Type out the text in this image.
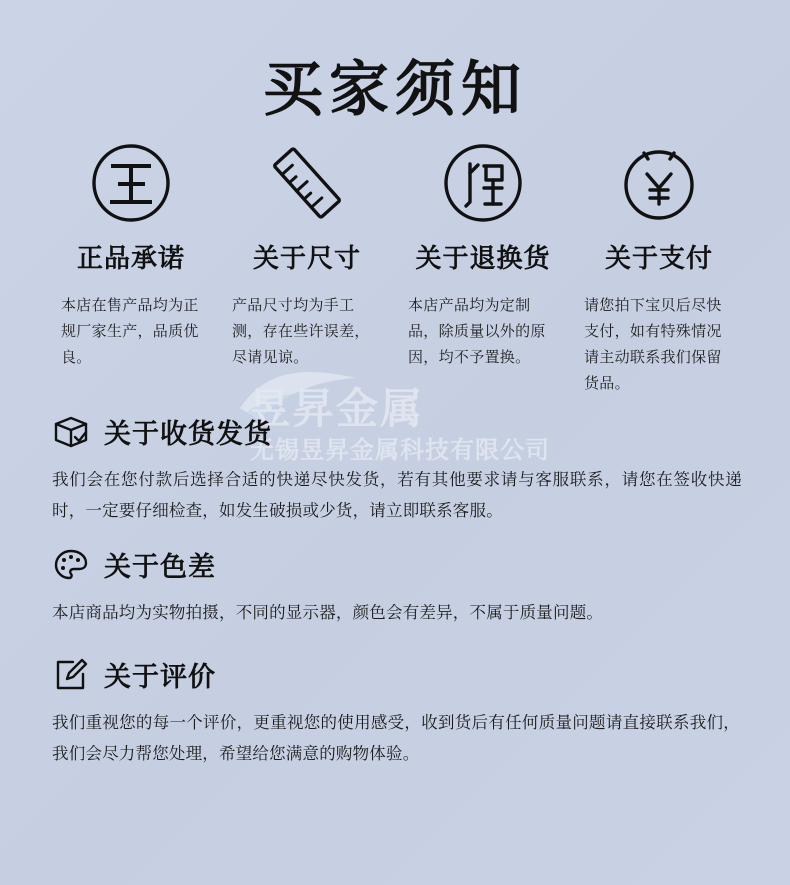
昱昇金属
无锡昱昇金属科技有限公司
买家须知
正品承诺
本店在售产品均为正规厂家生产，品质优良。
关于尺寸
产品尺寸均为手工测，存在些许误差，尽请见谅。
关于退换货
本店产品均为定制品，除质量以外的原因，均不予置换。
关于支付
请您拍下宝贝后尽快支付，如有特殊情况请主动联系我们保留货品。
关于收货发货
我们会在您付款后选择合适的快递尽快发货，若有其他要求请与客服联系，请您在签收快递时，一定要仔细检查，如发生破损或少货，请立即联系客服。
关于色差
本店商品均为实物拍摄，不同的显示器，颜色会有差异，不属于质量问题。
关于评价
我们重视您的每一个评价，更重视您的使用感受，收到货后有任何质量问题请直接联系我们，我们会尽力帮您处理，希望给您满意的购物体验。
